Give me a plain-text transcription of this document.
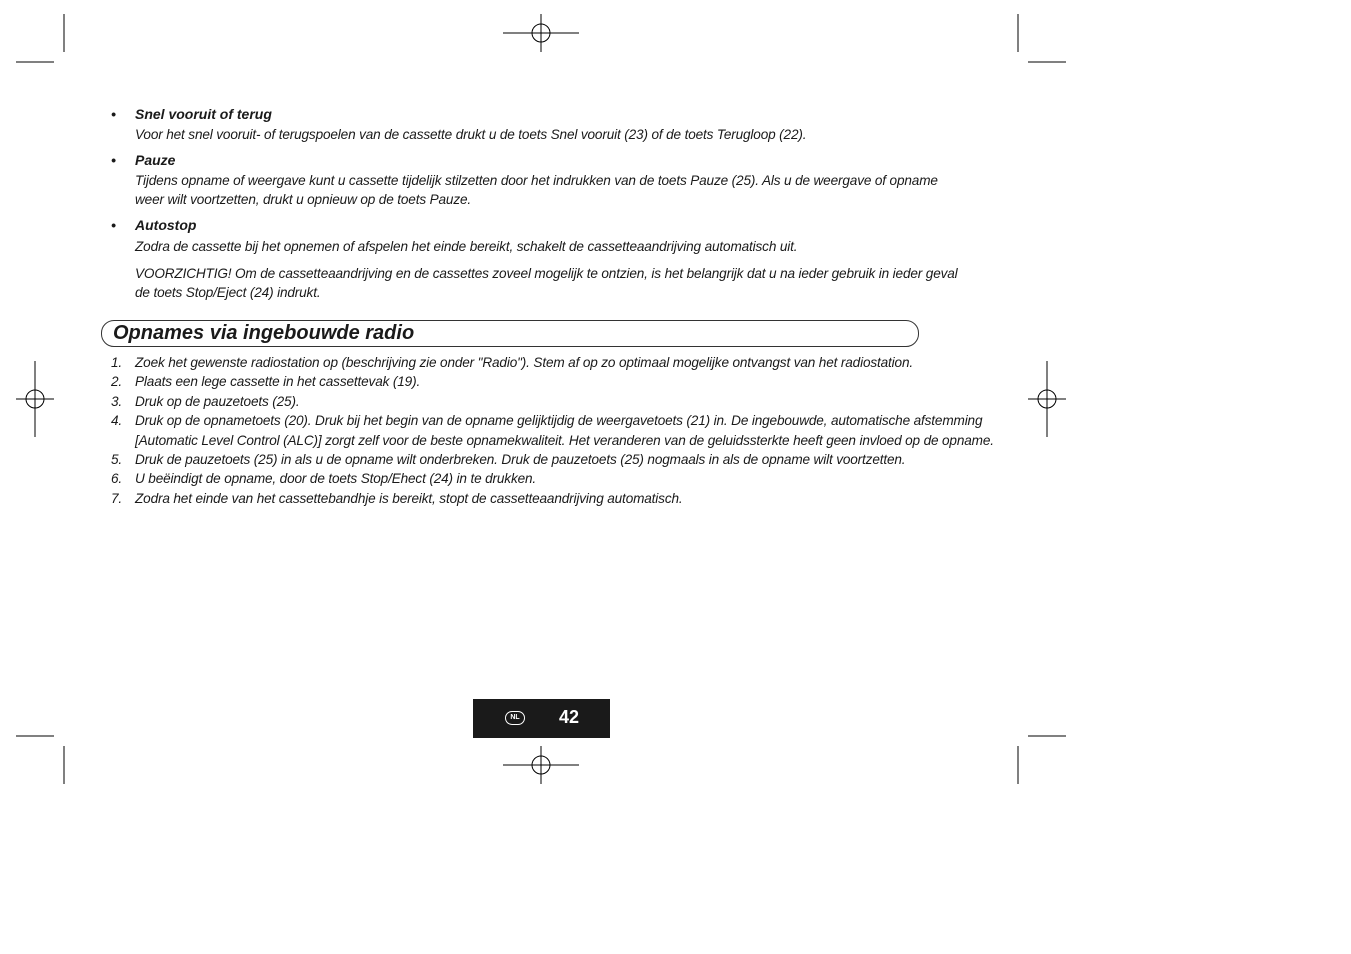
• Snel vooruit of terug
Voor het snel vooruit- of terugspoelen van de cassette drukt u de toets Snel vooruit (23) of de toets Terugloop (22).
• Pauze
Tijdens opname of weergave kunt u cassette tijdelijk stilzetten door het indrukken van de toets Pauze (25). Als u de weergave of opname
weer wilt voortzetten, drukt u opnieuw op de toets Pauze.
• Autostop
Zodra de cassette bij het opnemen of afspelen het einde bereikt, schakelt de cassetteaandrijving automatisch uit.
VOORZICHTIG! Om de cassetteaandrijving en de cassettes zoveel mogelijk te ontzien, is het belangrijk dat u na ieder gebruik in ieder geval
de toets Stop/Eject (24) indrukt.
Opnames via ingebouwde radio
1. Zoek het gewenste radiostation op (beschrijving zie onder "Radio"). Stem af op zo optimaal mogelijke ontvangst van het radiostation.
2. Plaats een lege cassette in het cassettevak (19).
3. Druk op de pauzetoets (25).
4. Druk op de opnametoets (20). Druk bij het begin van de opname gelijktijdig de weergavetoets (21) in. De ingebouwde, automatische afstemming
[Automatic Level Control (ALC)] zorgt zelf voor de beste opnamekwaliteit. Het veranderen van de geluidssterkte heeft geen invloed op de opname.
5. Druk de pauzetoets (25) in als u de opname wilt onderbreken. Druk de pauzetoets (25) nogmaals in als de opname wilt voortzetten.
6. U beëindigt de opname, door de toets Stop/Ehect (24) in te drukken.
7. Zodra het einde van het cassettebandhje is bereikt, stopt de cassetteaandrijving automatisch.
NL 42
